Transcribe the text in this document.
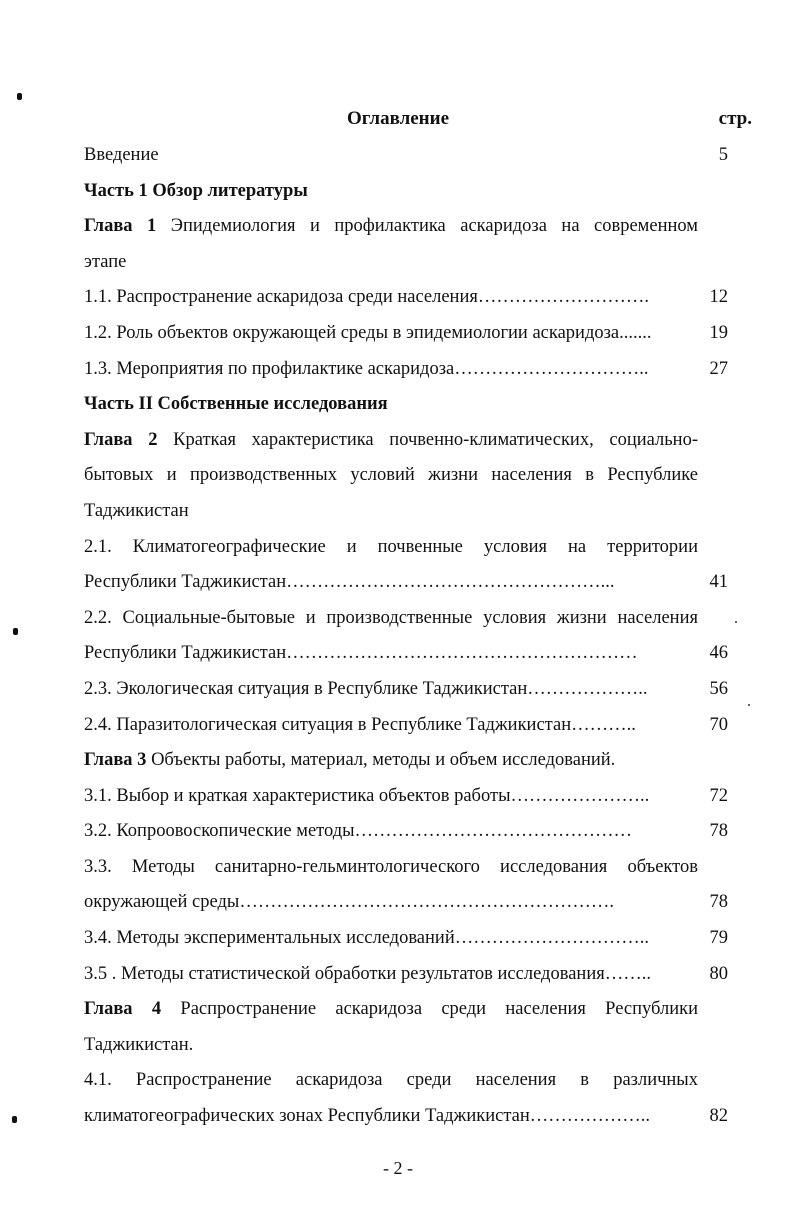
Оглавление	стр.
Введение	5
Часть 1 Обзор литературы
Глава 1 Эпидемиология и профилактика аскаридоза на современном
этапе
1.1. Распространение аскаридоза среди населения……………………….	12
1.2. Роль объектов окружающей среды в эпидемиологии аскаридоза.......	19
1.3. Мероприятия по профилактике аскаридоза…………………………..	27
Часть II Собственные исследования
Глава 2 Краткая характеристика почвенно-климатических, социально-
бытовых и производственных условий жизни населения в Республике
Таджикистан
2.1. Климатогеографические и почвенные условия на территории
Республики Таджикистан……………………………………………...	41
2.2. Социальные-бытовые и производственные условия жизни населения
Республики Таджикистан…………………………………………………	46
2.3. Экологическая ситуация в Республике Таджикистан………………..	56
2.4. Паразитологическая ситуация в Республике Таджикистан………..	70
Глава 3 Объекты работы, материал, методы и объем исследований.
3.1. Выбор и краткая характеристика объектов работы…………………..	72
3.2. Копроовоскопические методы………………………………………	78
3.3. Методы санитарно-гельминтологического исследования объектов
окружающей среды…………………………………………………….	78
3.4. Методы экспериментальных исследований…………………………..	79
3.5 . Методы статистической обработки результатов исследования……..	80
Глава 4 Распространение аскаридоза среди населения Республики
Таджикистан.
4.1. Распространение аскаридоза среди населения в различных
климатогеографических зонах Республики Таджикистан………………..	82
- 2 -
